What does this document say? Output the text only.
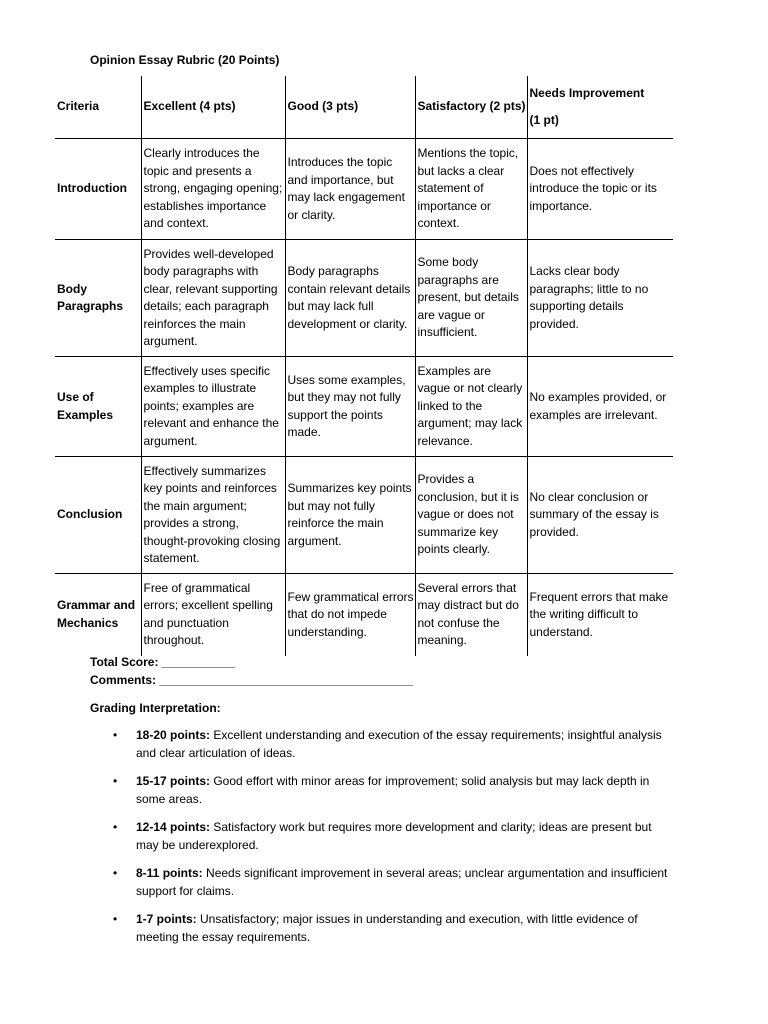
Opinion Essay Rubric (20 Points)
Criteria	Excellent (4 pts)	Good (3 pts)	Satisfactory (2 pts)	Needs Improvement
(1 pt)

Introduction	Clearly introduces the topic and presents a strong, engaging opening; establishes importance and context.	Introduces the topic and importance, but may lack engagement or clarity.	Mentions the topic, but lacks a clear statement of importance or context.	Does not effectively introduce the topic or its importance.
Body Paragraphs	Provides well-developed body paragraphs with clear, relevant supporting details; each paragraph reinforces the main argument.	Body paragraphs contain relevant details but may lack full development or clarity.	Some body paragraphs are present, but details are vague or insufficient.	Lacks clear body paragraphs; little to no supporting details provided.
Use of Examples	Effectively uses specific examples to illustrate points; examples are relevant and enhance the argument.	Uses some examples, but they may not fully support the points made.	Examples are vague or not clearly linked to the argument; may lack relevance.	No examples provided, or examples are irrelevant.
Conclusion	Effectively summarizes key points and reinforces the main argument; provides a strong, thought-provoking closing statement.	Summarizes key points but may not fully reinforce the main argument.	Provides a conclusion, but it is vague or does not summarize key points clearly.	No clear conclusion or summary of the essay is provided.
Grammar and Mechanics	Free of grammatical errors; excellent spelling and punctuation throughout.	Few grammatical errors that do not impede understanding.	Several errors that may distract but do not confuse the meaning.	Frequent errors that make the writing difficult to understand.
Total Score: ___________
Comments: ______________________________________
Grading Interpretation:
• 18-20 points: Excellent understanding and execution of the essay requirements; insightful analysis and clear articulation of ideas.
• 15-17 points: Good effort with minor areas for improvement; solid analysis but may lack depth in some areas.
• 12-14 points: Satisfactory work but requires more development and clarity; ideas are present but may be underexplored.
• 8-11 points: Needs significant improvement in several areas; unclear argumentation and insufficient support for claims.
• 1-7 points: Unsatisfactory; major issues in understanding and execution, with little evidence of meeting the essay requirements.
